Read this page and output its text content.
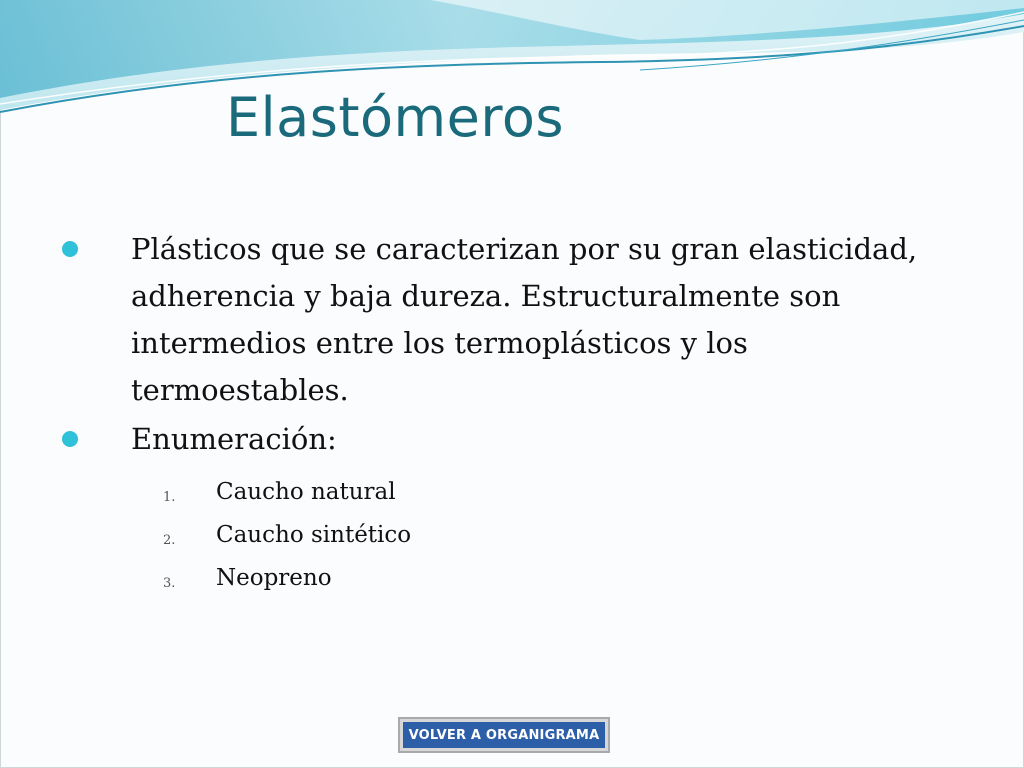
Elastómeros
Plásticos que se caracterizan por su gran elasticidad, adherencia y baja dureza. Estructuralmente son intermedios entre los termoplásticos y los termoestables.
Enumeración:
1. Caucho natural
2. Caucho sintético
3. Neopreno
VOLVER A ORGANIGRAMA
